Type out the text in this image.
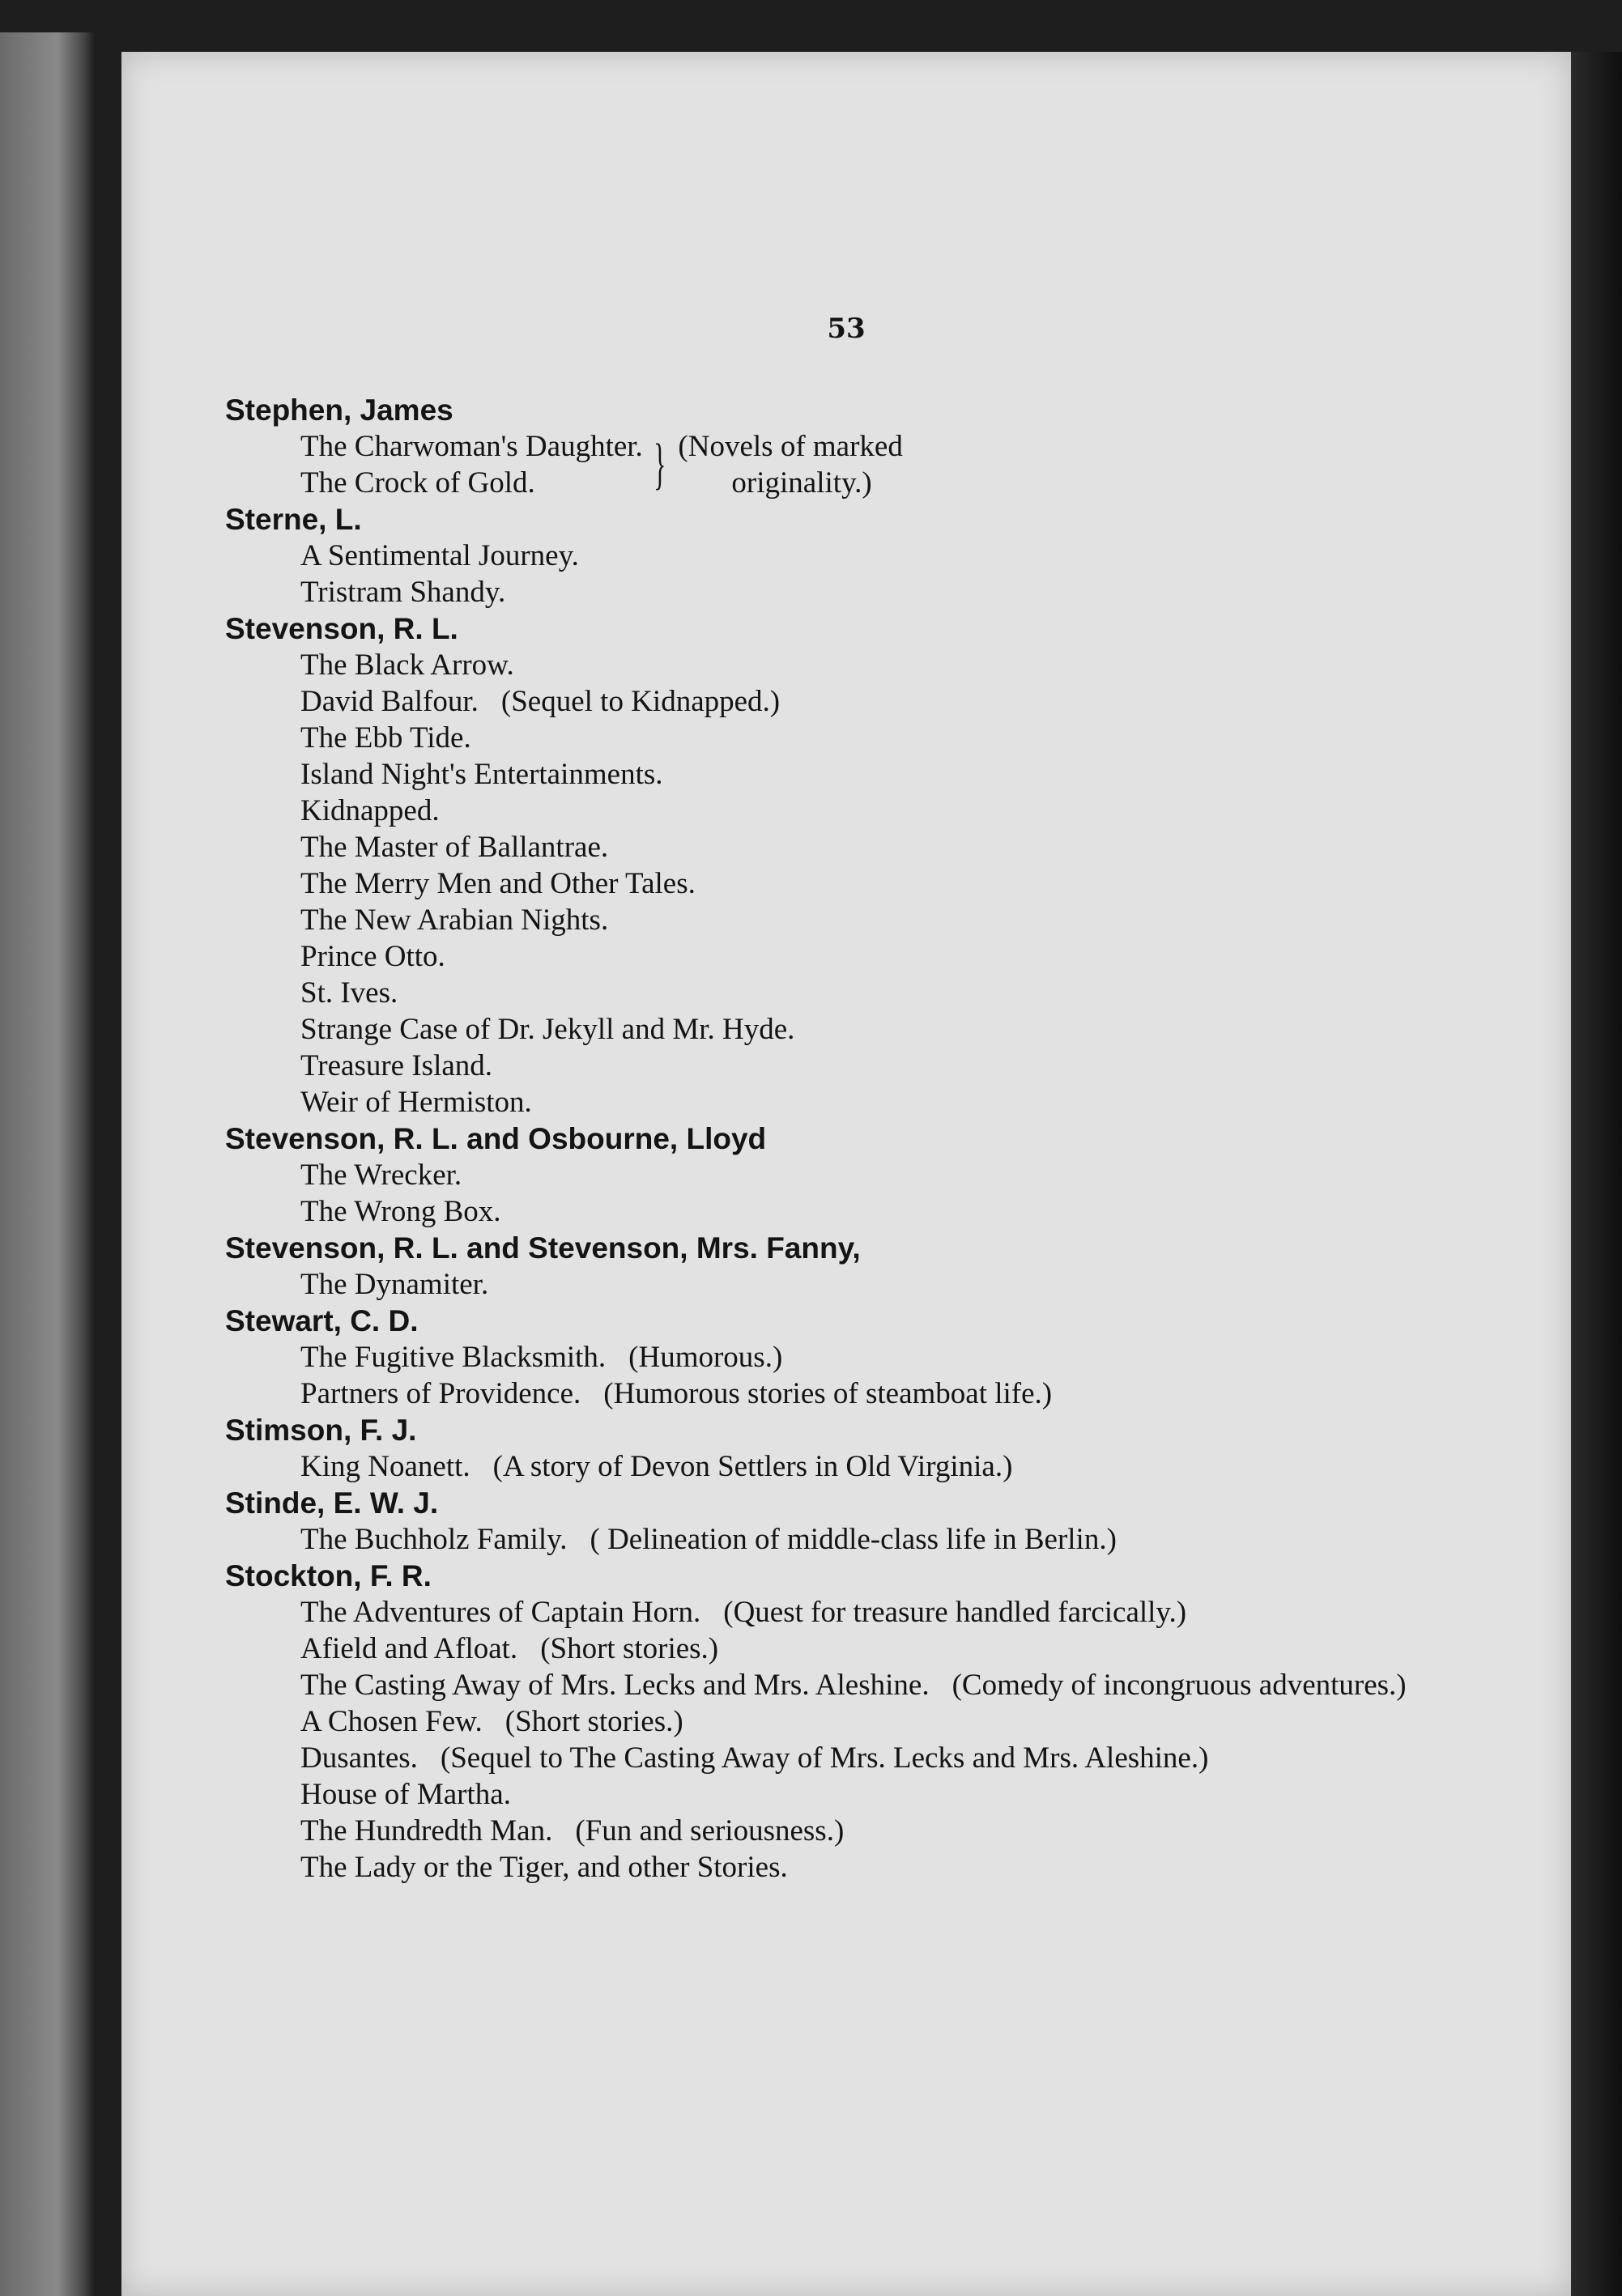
53

Stephen, James

The Charwoman's Daughter.
The Crock of Gold.	} (Novels of marked
originality.)

Sterne, L.

A Sentimental Journey.

Tristram Shandy.

Stevenson, R. L.

The Black Arrow.

David Balfour. (Sequel to Kidnapped.)

The Ebb Tide.

Island Night's Entertainments.

Kidnapped.

The Master of Ballantrae.

The Merry Men and Other Tales.

The New Arabian Nights.

Prince Otto.

St. Ives.

Strange Case of Dr. Jekyll and Mr. Hyde.

Treasure Island.

Weir of Hermiston.

Stevenson, R. L. and Osbourne, Lloyd

The Wrecker.

The Wrong Box.

Stevenson, R. L. and Stevenson, Mrs. Fanny,

The Dynamiter.

Stewart, C. D.

The Fugitive Blacksmith. (Humorous.)

Partners of Providence. (Humorous stories of steamboat life.)

Stimson, F. J.

King Noanett. (A story of Devon Settlers in Old Virginia.)

Stinde, E. W. J.

The Buchholz Family. ( Delineation of middle-class life in Berlin.)

Stockton, F. R.

The Adventures of Captain Horn. (Quest for treasure handled farcically.)

Afield and Afloat. (Short stories.)

The Casting Away of Mrs. Lecks and Mrs. Aleshine. (Comedy of incongruous adventures.)

A Chosen Few. (Short stories.)

Dusantes. (Sequel to The Casting Away of Mrs. Lecks and Mrs. Aleshine.)

House of Martha.

The Hundredth Man. (Fun and seriousness.)

The Lady or the Tiger, and other Stories.
